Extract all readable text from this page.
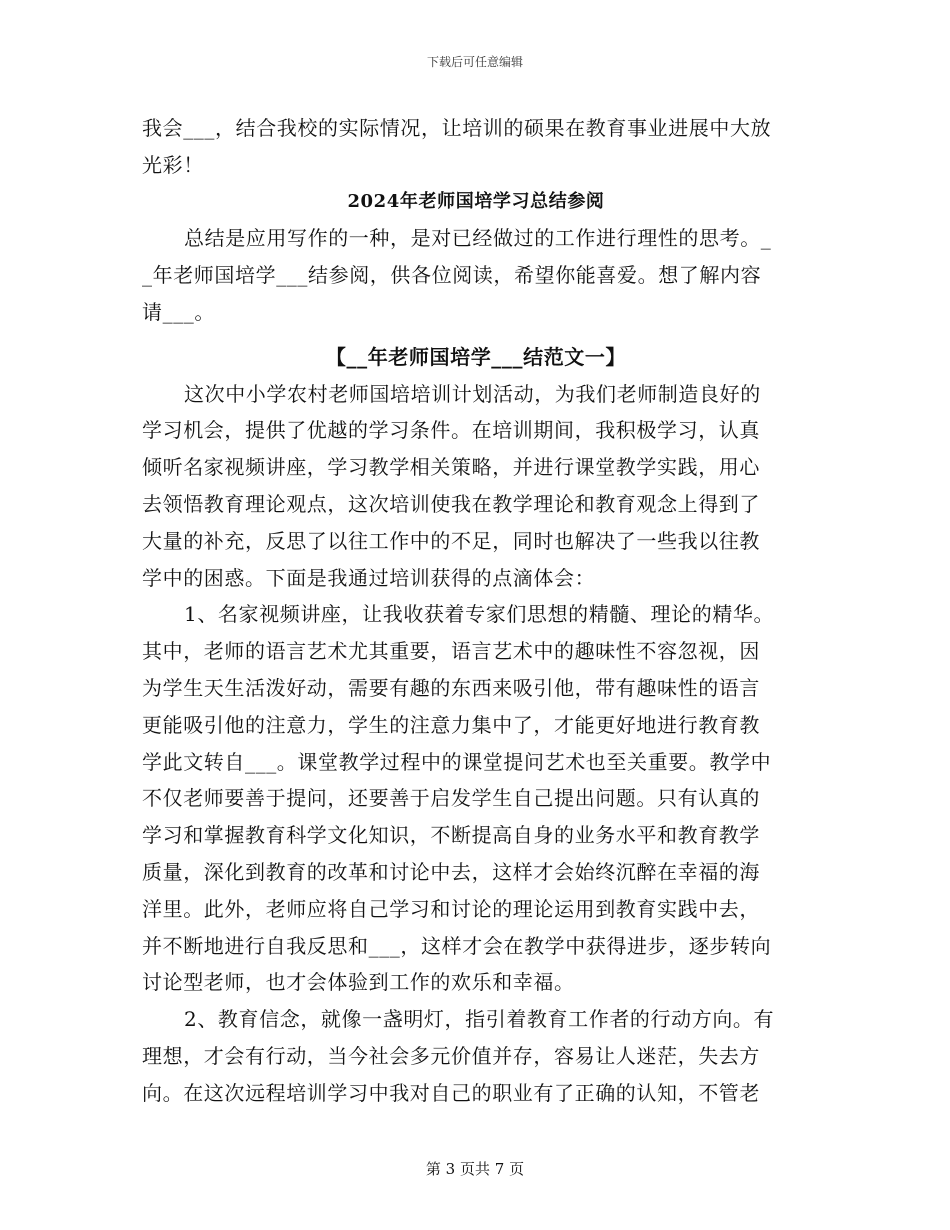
下载后可任意编辑
我会___，结合我校的实际情况，让培训的硕果在教育事业进展中大放
光彩！
2024年老师国培学习总结参阅
总结是应用写作的一种，是对已经做过的工作进行理性的思考。_
_年老师国培学___结参阅，供各位阅读，希望你能喜爱。想了解内容
请___。
【__年老师国培学___结范文一】
这次中小学农村老师国培培训计划活动，为我们老师制造良好的
学习机会，提供了优越的学习条件。在培训期间，我积极学习，认真
倾听名家视频讲座，学习教学相关策略，并进行课堂教学实践，用心
去领悟教育理论观点，这次培训使我在教学理论和教育观念上得到了
大量的补充，反思了以往工作中的不足，同时也解决了一些我以往教
学中的困惑。下面是我通过培训获得的点滴体会：
1、名家视频讲座，让我收获着专家们思想的精髓、理论的精华。
其中，老师的语言艺术尤其重要，语言艺术中的趣味性不容忽视，因
为学生天生活泼好动，需要有趣的东西来吸引他，带有趣味性的语言
更能吸引他的注意力，学生的注意力集中了，才能更好地进行教育教
学此文转自___。课堂教学过程中的课堂提问艺术也至关重要。教学中
不仅老师要善于提问，还要善于启发学生自己提出问题。只有认真的
学习和掌握教育科学文化知识，不断提高自身的业务水平和教育教学
质量，深化到教育的改革和讨论中去，这样才会始终沉醉在幸福的海
洋里。此外，老师应将自己学习和讨论的理论运用到教育实践中去，
并不断地进行自我反思和___，这样才会在教学中获得进步，逐步转向
讨论型老师，也才会体验到工作的欢乐和幸福。
2、教育信念，就像一盏明灯，指引着教育工作者的行动方向。有
理想，才会有行动，当今社会多元价值并存，容易让人迷茫，失去方
向。在这次远程培训学习中我对自己的职业有了正确的认知，不管老
第 3 页共 7 页
